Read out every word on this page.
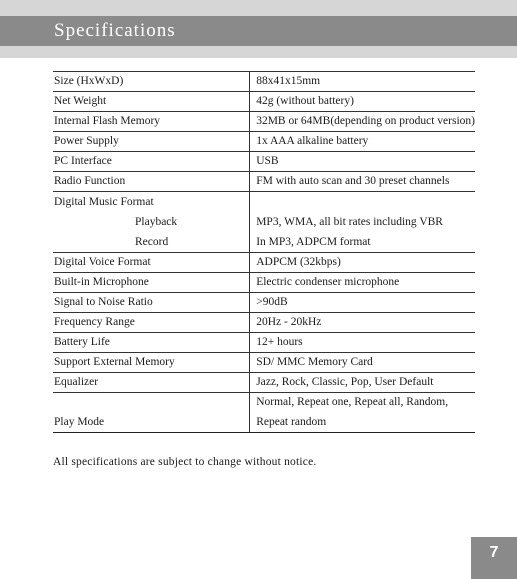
Specifications
Size (HxWxD)	88x41x15mm
Net Weight	42g (without battery)
Internal Flash Memory	32MB or 64MB(depending on product version)
Power Supply	1x AAA alkaline battery
PC Interface	USB
Radio Function	FM with auto scan and 30 preset channels
Digital Music Format	
Playback	MP3, WMA, all bit rates including VBR
Record	In MP3, ADPCM format
Digital Voice Format	ADPCM (32kbps)
Built-in Microphone	Electric condenser microphone
Signal to Noise Ratio	>90dB
Frequency Range	20Hz - 20kHz
Battery Life	12+ hours
Support External Memory	SD/ MMC Memory Card
Equalizer	Jazz, Rock, Classic, Pop, User Default
Play Mode	Normal, Repeat one, Repeat all, Random,
Repeat random
All specifications are subject to change without notice.
7
